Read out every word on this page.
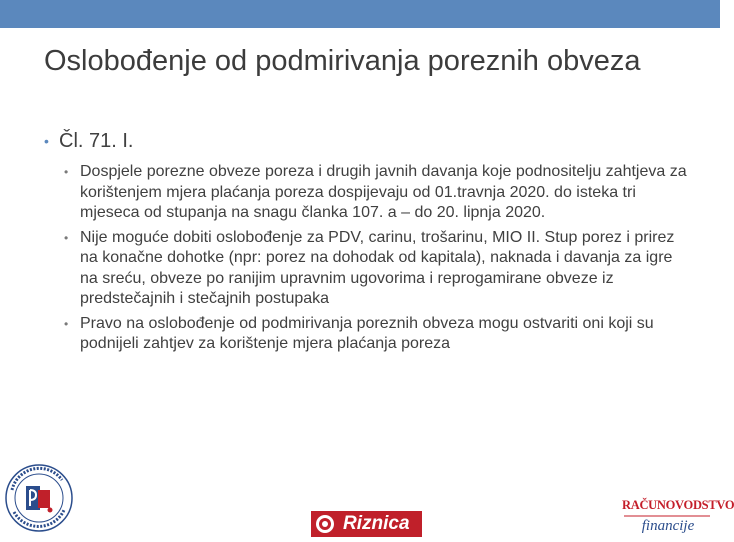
Oslobođenje od podmirivanja poreznih obveza
• Čl. 71. I.
• Dospjele porezne obveze poreza i drugih javnih davanja koje podnositelju zahtjeva za korištenjem mjera plaćanja poreza dospijevaju od 01.travnja 2020. do isteka tri mjeseca od stupanja na snagu članka 107. a – do 20. lipnja 2020.
• Nije moguće dobiti oslobođenje za PDV, carinu, trošarinu, MIO II. Stup porez i prirez na konačne dohotke (npr: porez na dohodak od kapitala), naknada i davanja za igre na sreću, obveze po ranijim upravnim ugovorima i reprogamirane obveze iz predstečajnih i stečajnih postupaka
• Pravo na oslobođenje od podmirivanja poreznih obveza mogu ostvariti oni koji su podnijeli zahtjev za korištenje mjera plaćanja poreza
Riznica
RAČUNOVODSTVO
financije
